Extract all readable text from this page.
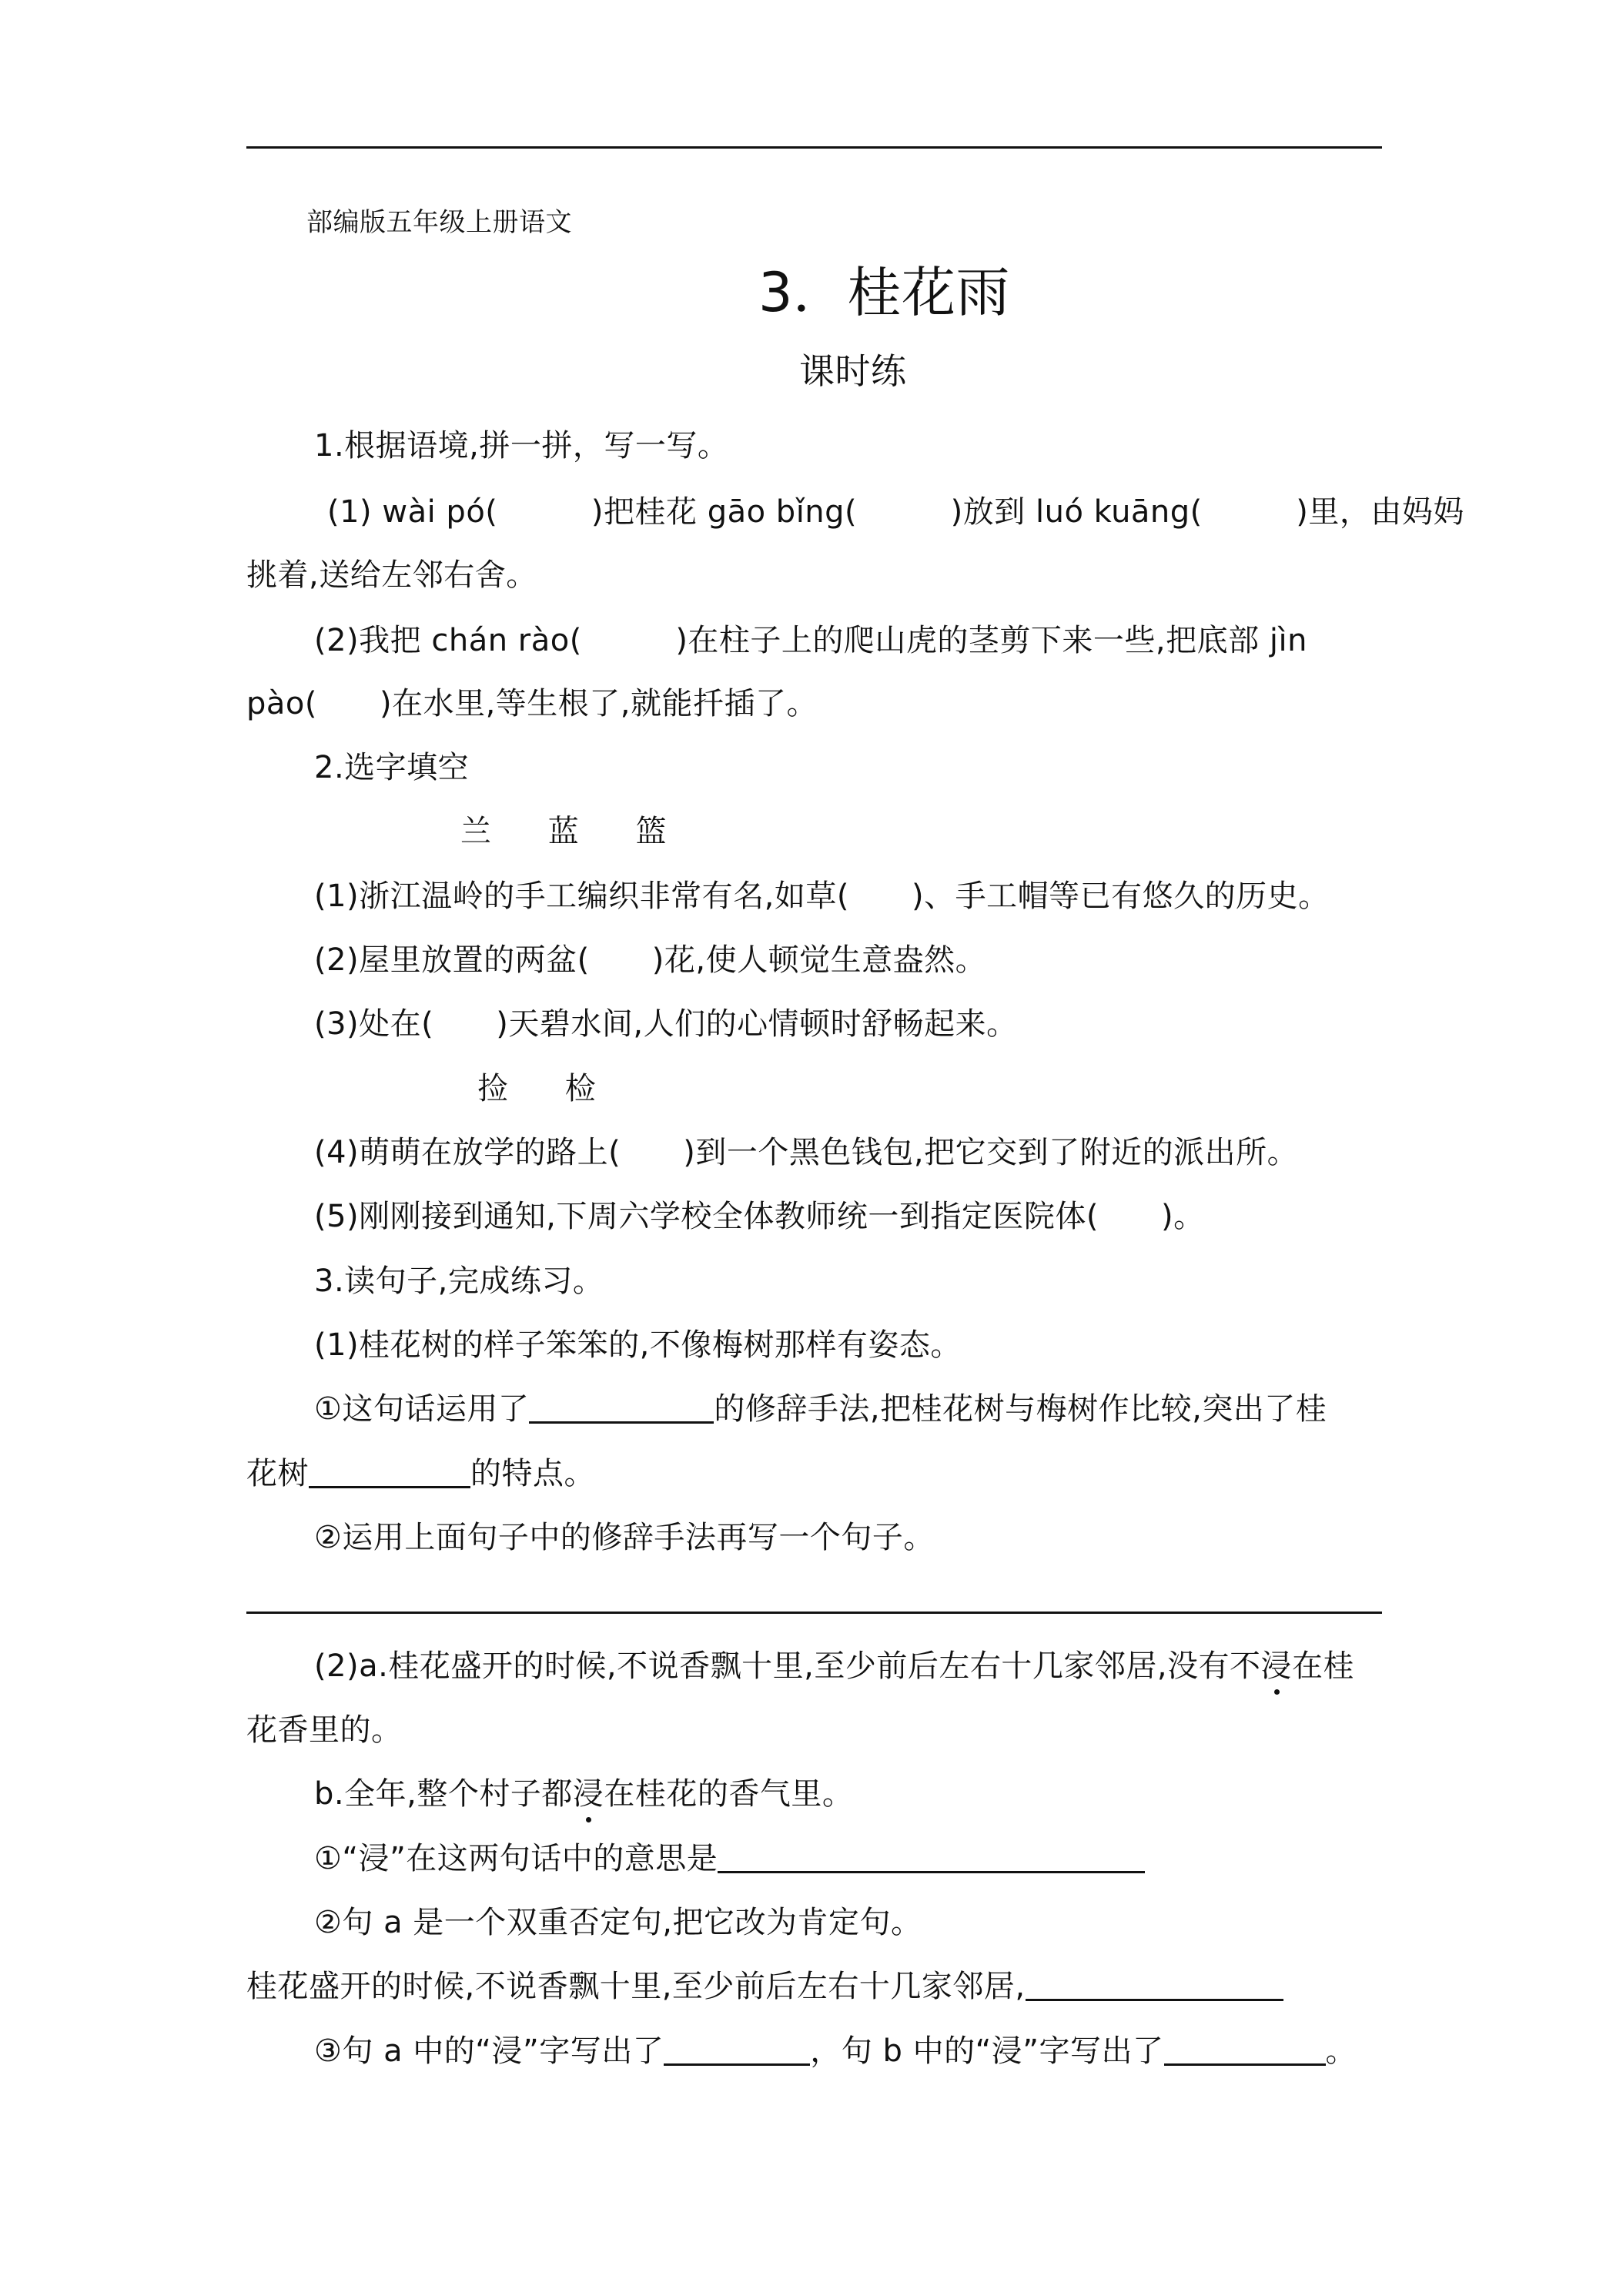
部编版五年级上册语文
3．桂花雨
课时练
1.根据语境,拼一拼，写一写。
(1) wài pó(　　　)把桂花 gāo bǐng(　　　)放到 luó kuāng(　　　)里，由妈妈
挑着,送给左邻右舍。
(2)我把 chán rào(　　　)在柱子上的爬山虎的茎剪下来一些,把底部 jìn
pào(　　)在水里,等生根了,就能扦插了。
2.选字填空
兰 蓝 篮
(1)浙江温岭的手工编织非常有名,如草(　　)、手工帽等已有悠久的历史。
(2)屋里放置的两盆(　　)花,使人顿觉生意盎然。
(3)处在(　　)天碧水间,人们的心情顿时舒畅起来。
捡 检
(4)萌萌在放学的路上(　　)到一个黑色钱包,把它交到了附近的派出所。
(5)刚刚接到通知,下周六学校全体教师统一到指定医院体(　　)。
3.读句子,完成练习。
(1)桂花树的样子笨笨的,不像梅树那样有姿态。
①这句话运用了	的修辞手法,把桂花树与梅树作比较,突出了桂
花树	的特点。
②运用上面句子中的修辞手法再写一个句子。
(2)a.桂花盛开的时候,不说香飘十里,至少前后左右十几家邻居,没有不浸在桂
花香里的。
b.全年,整个村子都浸在桂花的香气里。
①“浸”在这两句话中的意思是
②句 a 是一个双重否定句,把它改为肯定句。
桂花盛开的时候,不说香飘十里,至少前后左右十几家邻居,
③句 a 中的“浸”字写出了	，句 b 中的“浸”字写出了	。
